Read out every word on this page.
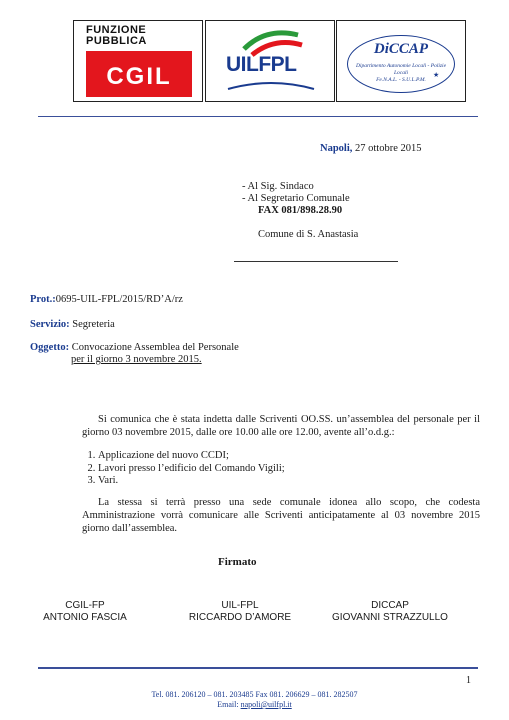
FUNZIONE
PUBBLICA
CGIL	UILFPL
DiCCAP
Dipartimento Autonomie Locali - Polizie Locali
Fe.N.A.L. - S.U.L.P.M.
★
Napoli, 27 ottobre 2015
- Al Sig. Sindaco
- Al Segretario Comunale
FAX 081/898.28.90
Comune di S. Anastasia
Prot.:0695-UIL-FPL/2015/RD’A/rz
Servizio: Segreteria
Oggetto: Convocazione Assemblea del Personale
per il giorno 3 novembre 2015.
Si comunica che è stata indetta dalle Scriventi OO.SS. un’assemblea del personale per il giorno 03 novembre 2015, dalle ore 10.00 alle ore 12.00, avente all’o.d.g.:
1. Applicazione del nuovo CCDI;
2. Lavori presso l’edificio del Comando Vigili;
3. Vari.
La stessa si terrà presso una sede comunale idonea allo scopo, che codesta Amministrazione vorrà comunicare alle Scriventi anticipatamente al 03 novembre 2015 giorno dall’assemblea.
Firmato
CGIL-FP
ANTONIO FASCIA
UIL-FPL
RICCARDO D’AMORE
DICCAP
GIOVANNI STRAZZULLO
1
Tel. 081. 206120 – 081. 203485 Fax 081. 206629 – 081. 282507
Email: napoli@uilfpl.it
